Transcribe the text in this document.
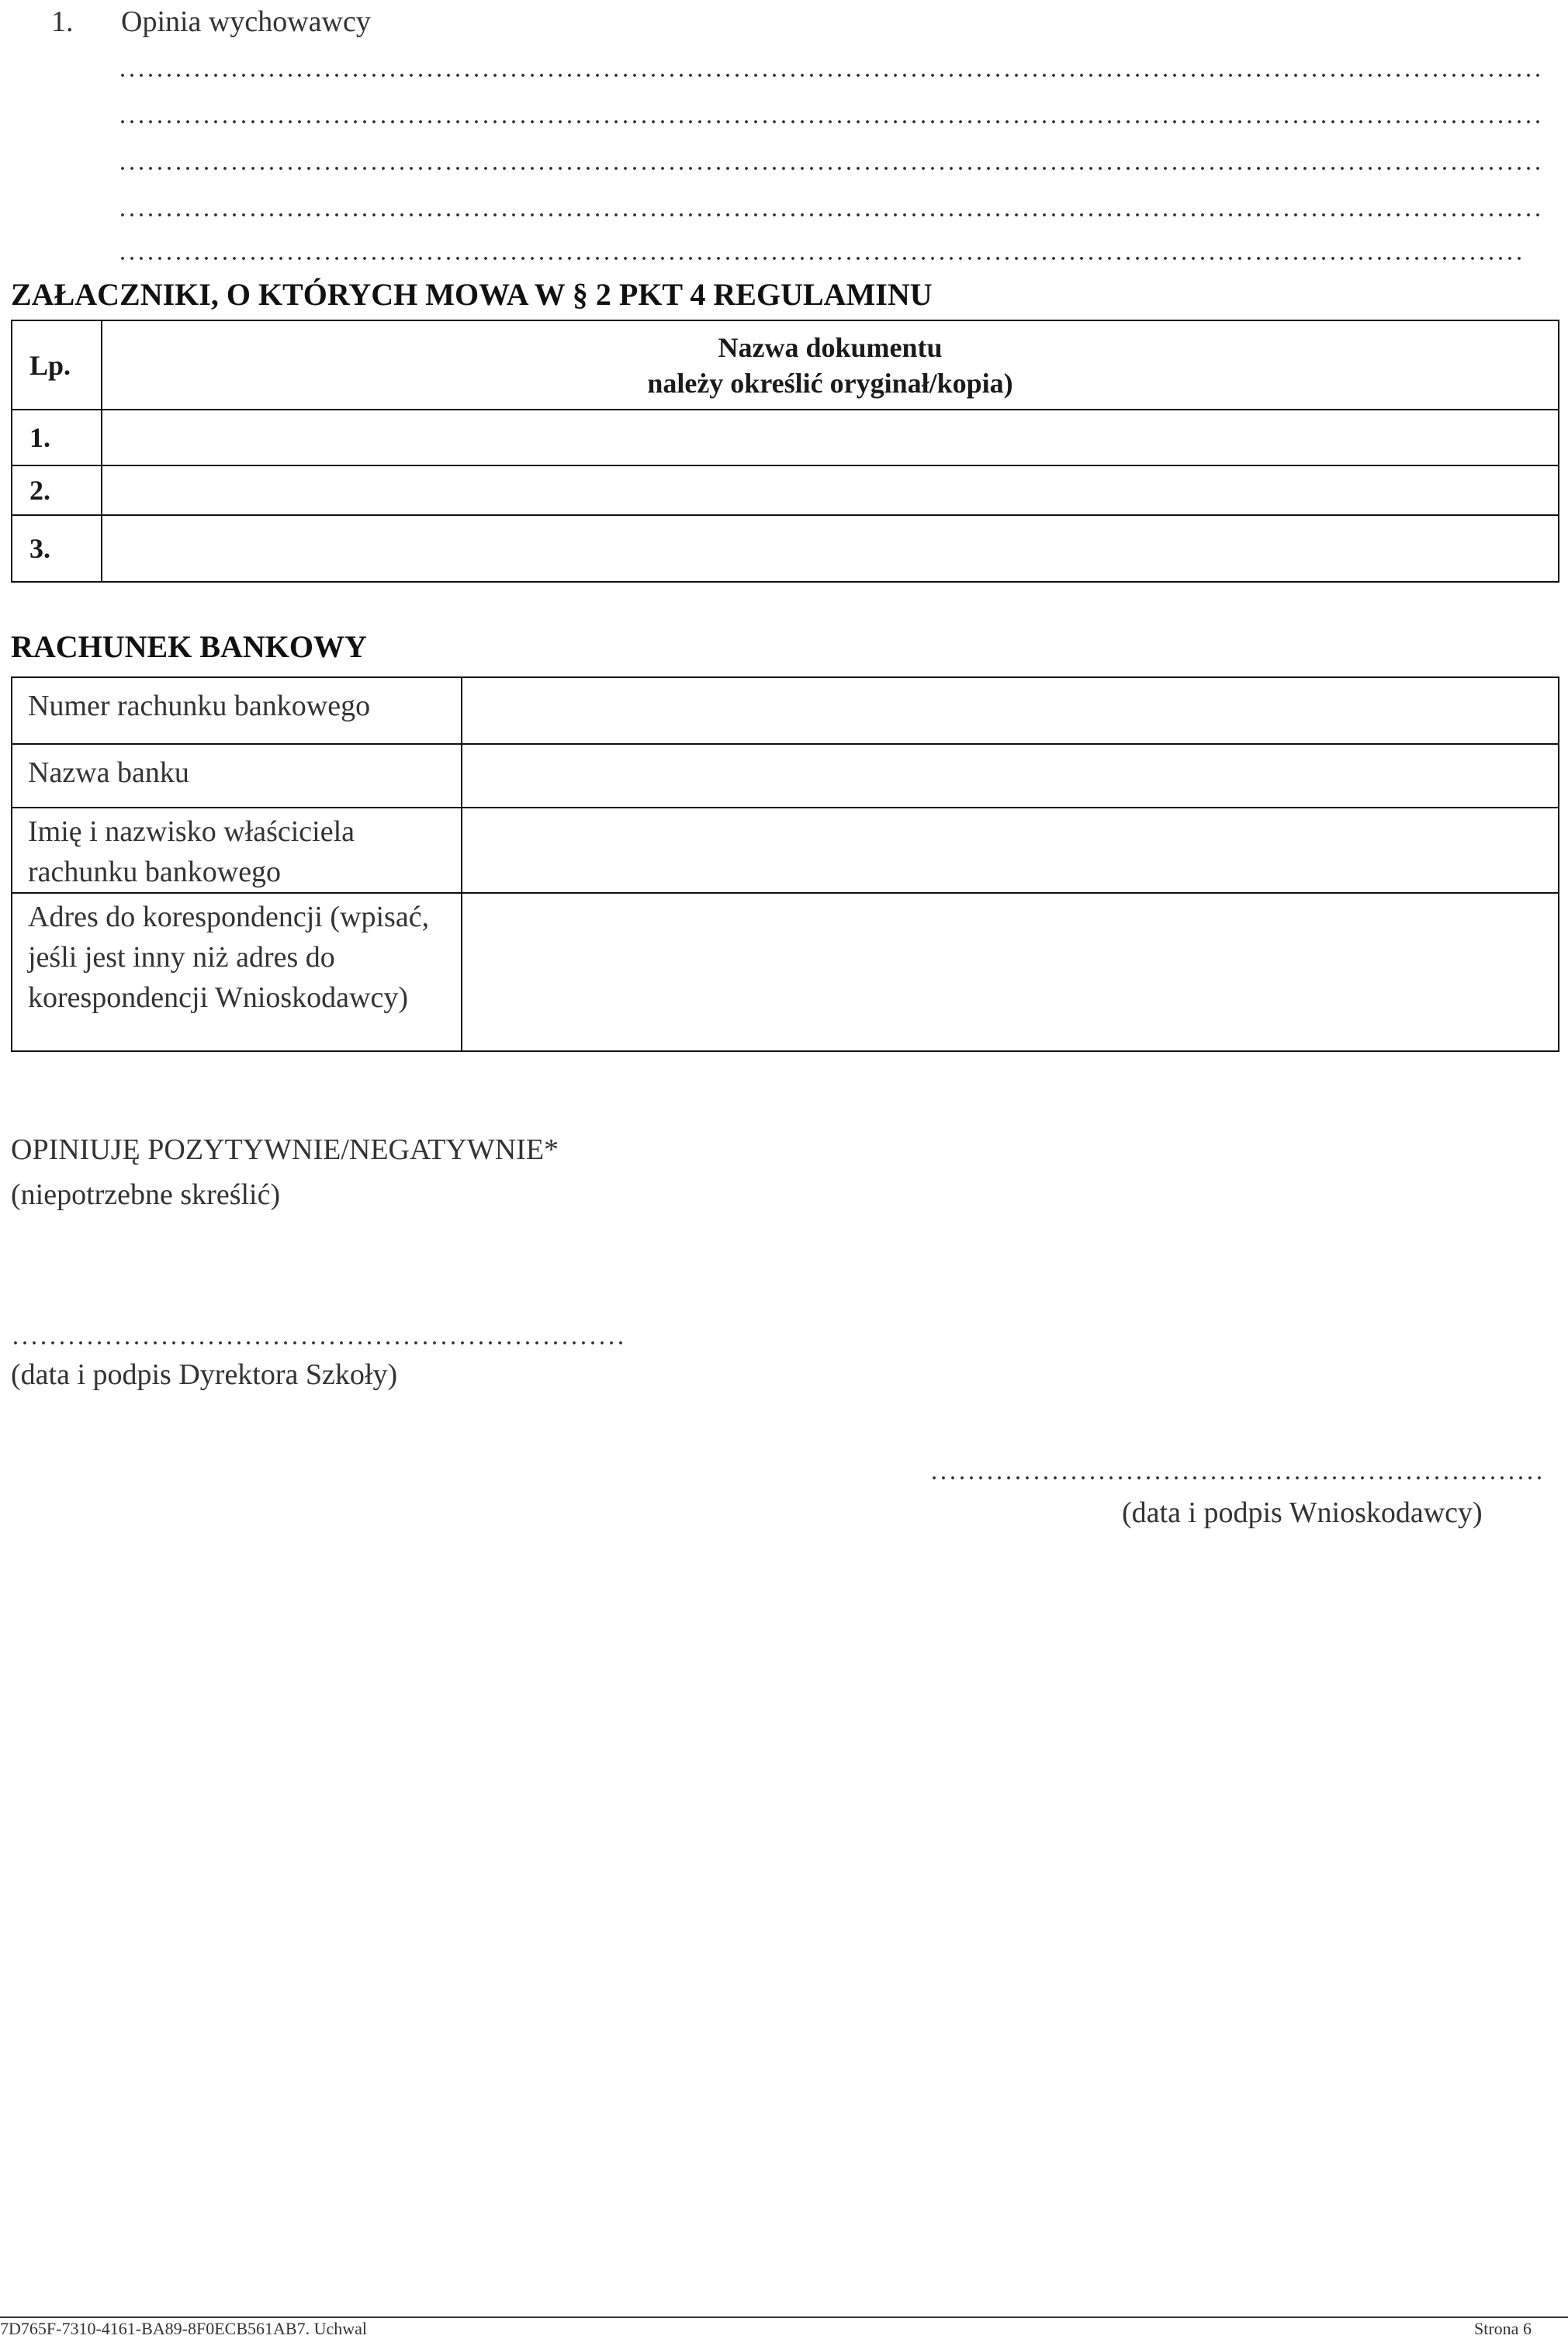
1. Opinia wychowawcy
ZAŁACZNIKI, O KTÓRYCH MOWA W § 2 PKT 4 REGULAMINU
Lp.	Nazwa dokumentu
należy określić oryginał/kopia)

1.	
2.	
3.	
RACHUNEK BANKOWY
Numer rachunku bankowego	
Nazwa banku	
Imię i nazwisko właściciela rachunku bankowego	
Adres do korespondencji (wpisać, jeśli jest inny niż adres do korespondencji Wnioskodawcy)	
OPINIUJĘ POZYTYWNIE/NEGATYWNIE*
(niepotrzebne skreślić)
(data i podpis Dyrektora Szkoły)
(data i podpis Wnioskodawcy)
7D765F-7310-4161-BA89-8F0ECB561AB7. Uchwal	Strona 6
